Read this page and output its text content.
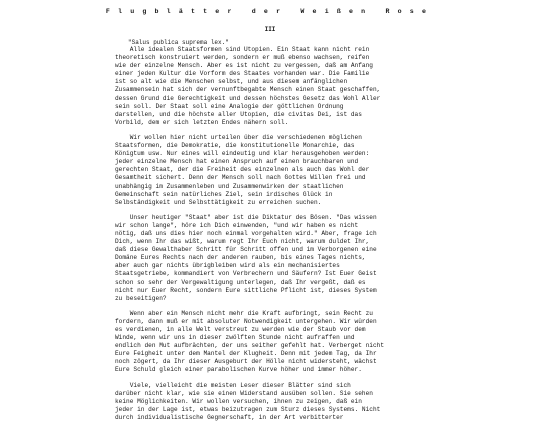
Flugblätter der Weißen Rose
III

"Salus publica suprema lex."

Alle idealen Staatsformen sind Utopien. Ein Staat kann nicht rein
theoretisch konstruiert werden, sondern er muß ebenso wachsen, reifen
wie der einzelne Mensch. Aber es ist nicht zu vergessen, daß am Anfang
einer jeden Kultur die Vorform des Staates vorhanden war. Die Familie
ist so alt wie die Menschen selbst, und aus diesem anfänglichen
Zusammensein hat sich der vernunftbegabte Mensch einen Staat geschaffen,
dessen Grund die Gerechtigkeit und dessen höchstes Gesetz das Wohl Aller
sein soll. Der Staat soll eine Analogie der göttlichen Ordnung
darstellen, und die höchste aller Utopien, die civitas Dei, ist das
Vorbild, dem er sich letzten Endes nähern soll.

Wir wollen hier nicht urteilen über die verschiedenen möglichen
Staatsformen, die Demokratie, die konstitutionelle Monarchie, das
Königtum usw. Nur eines will eindeutig und klar herausgehoben werden:
jeder einzelne Mensch hat einen Anspruch auf einen brauchbaren und
gerechten Staat, der die Freiheit des einzelnen als auch das Wohl der
Gesamtheit sichert. Denn der Mensch soll nach Gottes Willen frei und
unabhängig im Zusammenleben und Zusammenwirken der staatlichen
Gemeinschaft sein natürliches Ziel, sein irdisches Glück in
Selbständigkeit und Selbsttätigkeit zu erreichen suchen.

Unser heutiger "Staat" aber ist die Diktatur des Bösen. "Das wissen
wir schon lange", höre ich Dich einwenden, "und wir haben es nicht
nötig, daß uns dies hier noch einmal vorgehalten wird." Aber, frage ich
Dich, wenn Ihr das wißt, warum regt Ihr Euch nicht, warum duldet Ihr,
daß diese Gewalthaber Schritt für Schritt offen und im Verborgenen eine
Domäne Eures Rechts nach der anderen rauben, bis eines Tages nichts,
aber auch gar nichts übrigbleiben wird als ein mechanisiertes
Staatsgetriebe, kommandiert von Verbrechern und Säufern? Ist Euer Geist
schon so sehr der Vergewaltigung unterlegen, daß Ihr vergeßt, daß es
nicht nur Euer Recht, sondern Eure sittliche Pflicht ist, dieses System
zu beseitigen?

Wenn aber ein Mensch nicht mehr die Kraft aufbringt, sein Recht zu
fordern, dann muß er mit absoluter Notwendigkeit untergehen. Wir würden
es verdienen, in alle Welt verstreut zu werden wie der Staub vor dem
Winde, wenn wir uns in dieser zwölften Stunde nicht aufraffen und
endlich den Mut aufbrächten, der uns seither gefehlt hat. Verberget nicht
Eure Feigheit unter dem Mantel der Klugheit. Denn mit jedem Tag, da Ihr
noch zögert, da Ihr dieser Ausgeburt der Hölle nicht widersteht, wächst
Eure Schuld gleich einer parabolischen Kurve höher und immer höher.

Viele, vielleicht die meisten Leser dieser Blätter sind sich
darüber nicht klar, wie sie einen Widerstand ausüben sollen. Sie sehen
keine Möglichkeiten. Wir wollen versuchen, ihnen zu zeigen, daß ein
jeder in der Lage ist, etwas beizutragen zum Sturz dieses Systems. Nicht
durch individualistische Gegnerschaft, in der Art verbitterter
